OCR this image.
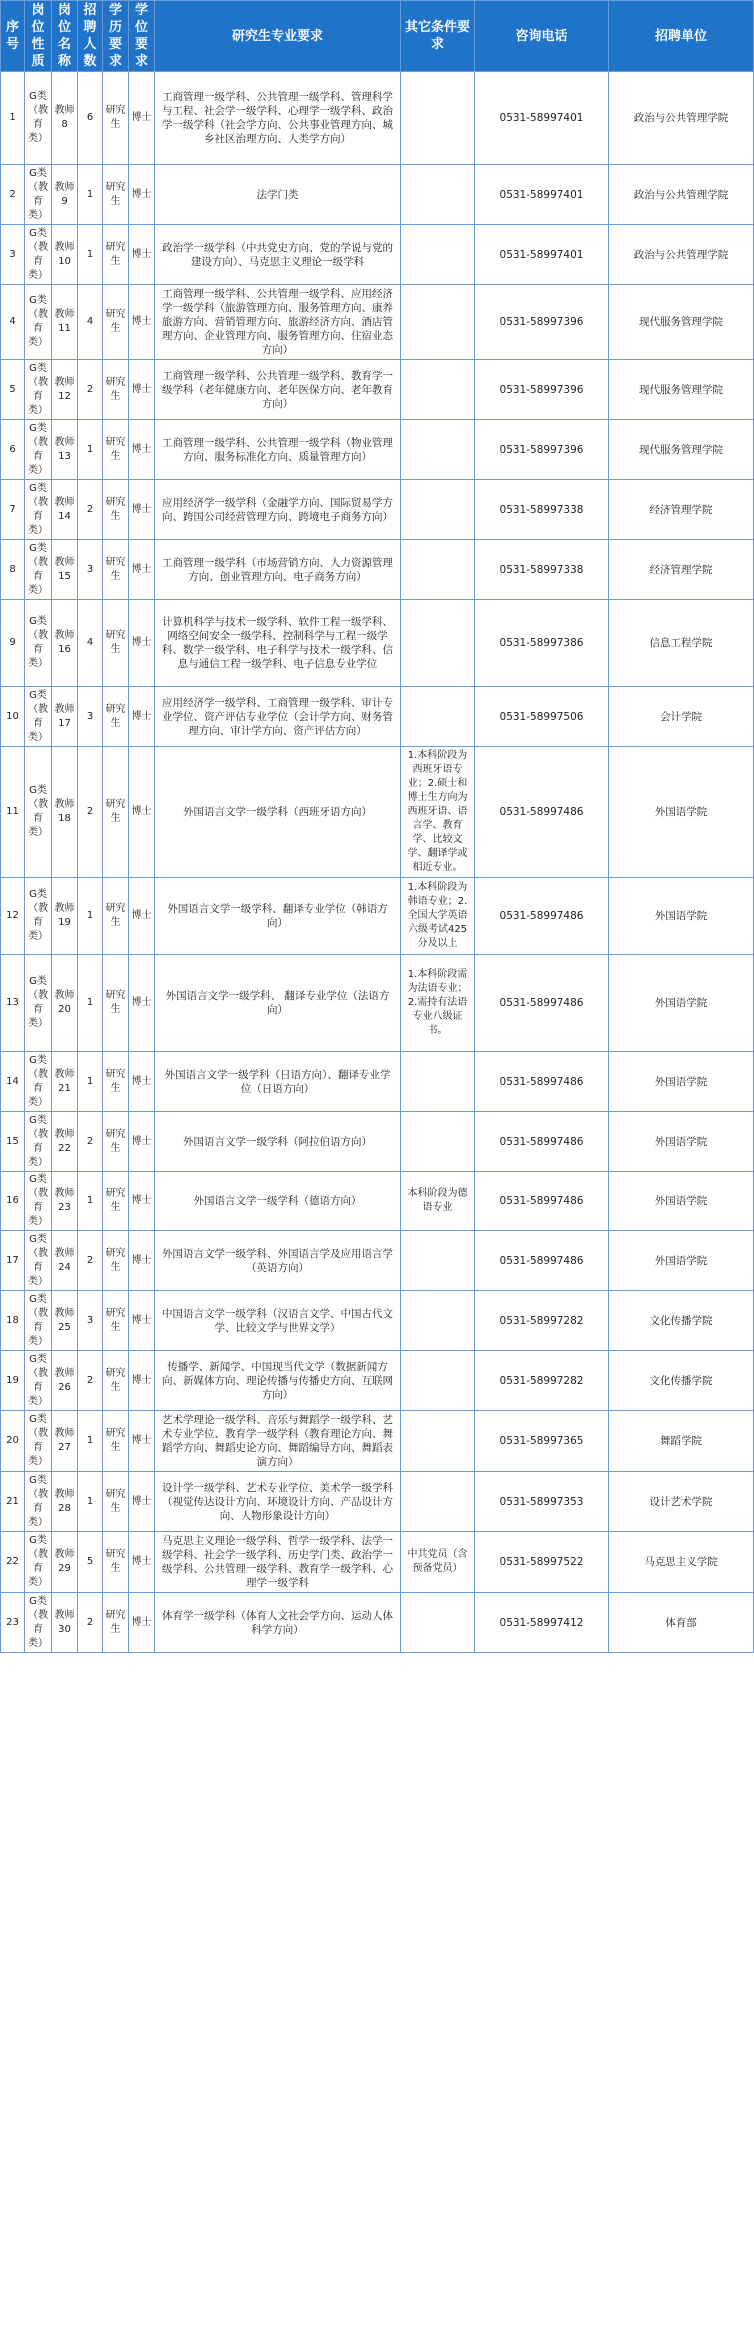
序号	岗位性质	岗位名称	招聘人数	学历要求	学位要求	研究生专业要求	其它条件要求	咨询电话	招聘单位
1	G类（教育类）	教师8	6	研究生	博士	工商管理一级学科、公共管理一级学科、管理科学与工程、社会学一级学科、心理学一级学科、政治学一级学科（社会学方向、公共事业管理方向、城乡社区治理方向、人类学方向）		0531-58997401	政治与公共管理学院
2	G类（教育类）	教师9	1	研究生	博士	法学门类		0531-58997401	政治与公共管理学院
3	G类（教育类）	教师10	1	研究生	博士	政治学一级学科（中共党史方向、党的学说与党的建设方向）、马克思主义理论一级学科		0531-58997401	政治与公共管理学院
4	G类（教育类）	教师11	4	研究生	博士	工商管理一级学科、公共管理一级学科、应用经济学一级学科（旅游管理方向、服务管理方向、康养旅游方向、营销管理方向、旅游经济方向、酒店管理方向、企业管理方向、服务管理方向、住宿业态方向）		0531-58997396	现代服务管理学院
5	G类（教育类）	教师12	2	研究生	博士	工商管理一级学科、公共管理一级学科、教育学一级学科（老年健康方向、老年医保方向、老年教育方向）		0531-58997396	现代服务管理学院
6	G类（教育类）	教师13	1	研究生	博士	工商管理一级学科、公共管理一级学科（物业管理方向、服务标准化方向、质量管理方向）		0531-58997396	现代服务管理学院
7	G类（教育类）	教师14	2	研究生	博士	应用经济学一级学科（金融学方向、国际贸易学方向、跨国公司经营管理方向、跨境电子商务方向）		0531-58997338	经济管理学院
8	G类（教育类）	教师15	3	研究生	博士	工商管理一级学科（市场营销方向、人力资源管理方向、创业管理方向、电子商务方向）		0531-58997338	经济管理学院
9	G类（教育类）	教师16	4	研究生	博士	计算机科学与技术一级学科、软件工程一级学科、网络空间安全一级学科、控制科学与工程一级学科、数学一级学科、电子科学与技术一级学科、信息与通信工程一级学科、电子信息专业学位		0531-58997386	信息工程学院
10	G类（教育类）	教师17	3	研究生	博士	应用经济学一级学科、工商管理一级学科、审计专业学位、资产评估专业学位（会计学方向、财务管理方向、审计学方向、资产评估方向）		0531-58997506	会计学院
11	G类（教育类）	教师18	2	研究生	博士	外国语言文学一级学科（西班牙语方向）	1.本科阶段为西班牙语专业；2.硕士和博士生方向为西班牙语、语言学、教育学、比较文学、翻译学或相近专业。	0531-58997486	外国语学院
12	G类（教育类）	教师19	1	研究生	博士	外国语言文学一级学科、翻译专业学位（韩语方向）	1.本科阶段为韩语专业；2.全国大学英语六级考试425分及以上	0531-58997486	外国语学院
13	G类（教育类）	教师20	1	研究生	博士	外国语言文学一级学科、 翻译专业学位（法语方向）	1.本科阶段需为法语专业；2.需持有法语专业八级证书。	0531-58997486	外国语学院
14	G类（教育类）	教师21	1	研究生	博士	外国语言文学一级学科（日语方向）、翻译专业学位（日语方向）		0531-58997486	外国语学院
15	G类（教育类）	教师22	2	研究生	博士	外国语言文学一级学科（阿拉伯语方向）		0531-58997486	外国语学院
16	G类（教育类）	教师23	1	研究生	博士	外国语言文学一级学科（德语方向）	本科阶段为德语专业	0531-58997486	外国语学院
17	G类（教育类）	教师24	2	研究生	博士	外国语言文学一级学科、外国语言学及应用语言学（英语方向）		0531-58997486	外国语学院
18	G类（教育类）	教师25	3	研究生	博士	中国语言文学一级学科（汉语言文学、中国古代文学、比较文学与世界文学）		0531-58997282	文化传播学院
19	G类（教育类）	教师26	2	研究生	博士	传播学、新闻学、中国现当代文学（数据新闻方向、新媒体方向、理论传播与传播史方向、互联网方向）		0531-58997282	文化传播学院
20	G类（教育类）	教师27	1	研究生	博士	艺术学理论一级学科、音乐与舞蹈学一级学科、艺术专业学位、教育学一级学科（教育理论方向、舞蹈学方向、舞蹈史论方向、舞蹈编导方向、舞蹈表演方向）		0531-58997365	舞蹈学院
21	G类（教育类）	教师28	1	研究生	博士	设计学一级学科、艺术专业学位、美术学一级学科（视觉传达设计方向、环境设计方向、产品设计方向、人物形象设计方向）		0531-58997353	设计艺术学院
22	G类（教育类）	教师29	5	研究生	博士	马克思主义理论一级学科、哲学一级学科、法学一级学科、社会学一级学科、历史学门类、政治学一级学科、公共管理一级学科、教育学一级学科、心理学一级学科	中共党员（含预备党员）	0531-58997522	马克思主义学院
23	G类（教育类）	教师30	2	研究生	博士	体育学一级学科（体育人文社会学方向、运动人体科学方向）		0531-58997412	体育部
